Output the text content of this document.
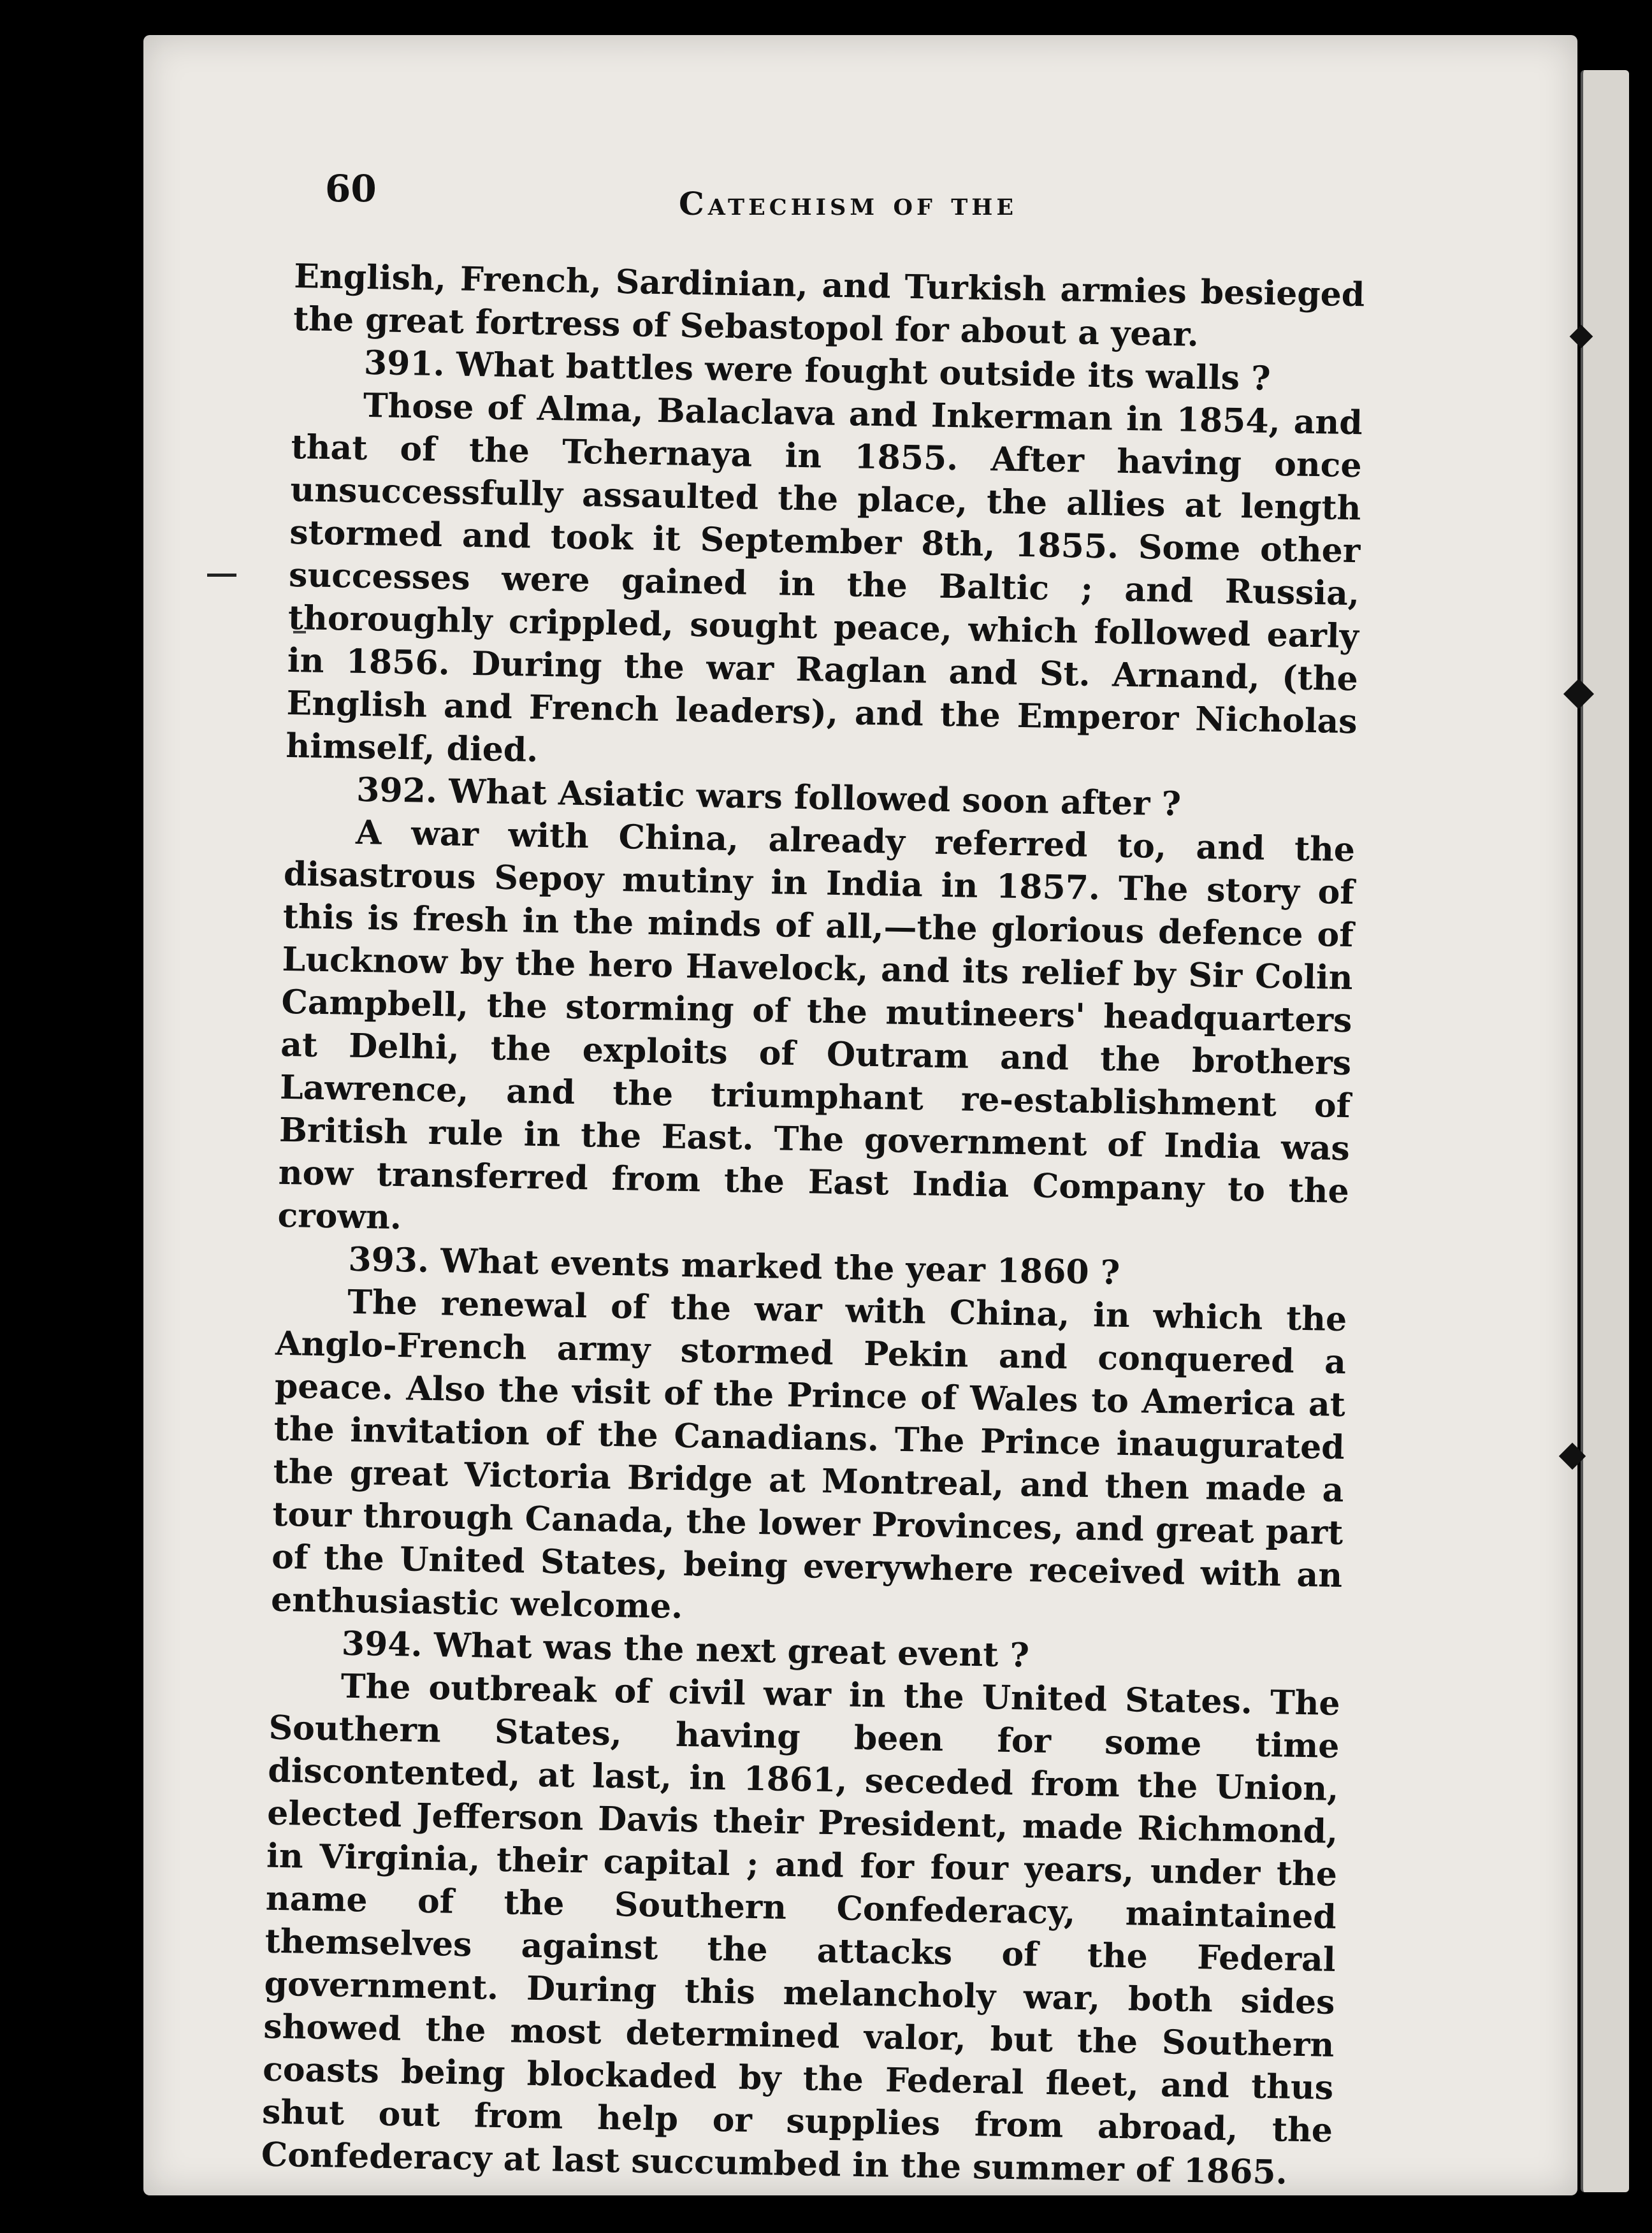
60	Catechism of the

English, French, Sardinian, and Turkish armies besieged the great fortress of Sebastopol for about a year.

391. What battles were fought outside its walls ?

Those of Alma, Balaclava and Inkerman in 1854, and that of the Tchernaya in 1855. After having once unsuccessfully assaulted the place, the allies at length stormed and took it September 8th, 1855. Some other successes were gained in the Baltic ; and Russia, thoroughly crippled, sought peace, which followed early in 1856. During the war Raglan and St. Arnand, (the English and French leaders), and the Emperor Nicholas himself, died.

392. What Asiatic wars followed soon after ?

A war with China, already referred to, and the disastrous Sepoy mutiny in India in 1857. The story of this is fresh in the minds of all,—the glorious defence of Lucknow by the hero Havelock, and its relief by Sir Colin Campbell, the storming of the mutineers' headquarters at Delhi, the exploits of Outram and the brothers Lawrence, and the triumphant re-establishment of British rule in the East. The government of India was now transferred from the East India Company to the crown.

393. What events marked the year 1860 ?

The renewal of the war with China, in which the Anglo-French army stormed Pekin and conquered a peace. Also the visit of the Prince of Wales to America at the invitation of the Canadians. The Prince inaugurated the great Victoria Bridge at Montreal, and then made a tour through Canada, the lower Provinces, and great part of the United States, being everywhere received with an enthusiastic welcome.

394. What was the next great event ?

The outbreak of civil war in the United States. The Southern States, having been for some time discontented, at last, in 1861, seceded from the Union, elected Jefferson Davis their President, made Richmond, in Virginia, their capital ; and for four years, under the name of the Southern Confederacy, maintained themselves against the attacks of the Federal government. During this melancholy war, both sides showed the most determined valor, but the Southern coasts being blockaded by the Federal fleet, and thus shut out from help or supplies from abroad, the Confederacy at last succumbed in the summer of 1865.
